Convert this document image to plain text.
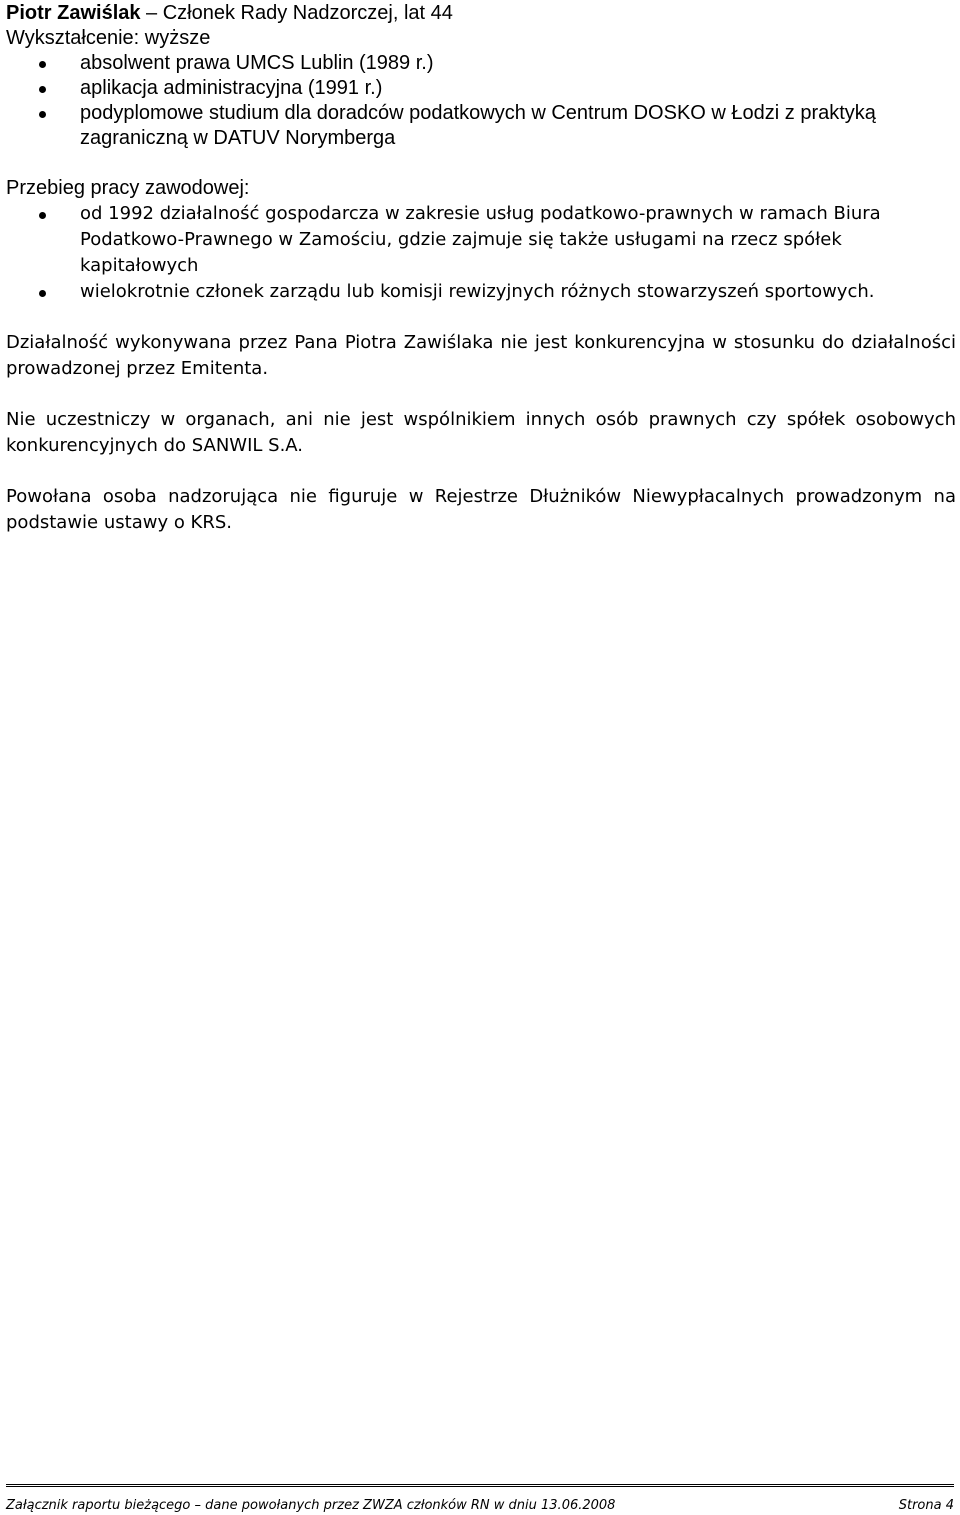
Piotr Zawiślak – Członek Rady Nadzorczej, lat 44
Wykształcenie: wyższe
absolwent prawa UMCS Lublin (1989 r.)
aplikacja administracyjna (1991 r.)
podyplomowe studium dla doradców podatkowych w Centrum DOSKO w Łodzi z praktyką zagraniczną w DATUV Norymberga
Przebieg pracy zawodowej:
od 1992 działalność gospodarcza w zakresie usług podatkowo-prawnych w ramach Biura Podatkowo-Prawnego w Zamościu, gdzie zajmuje się także usługami na rzecz spółek kapitałowych
wielokrotnie członek zarządu lub komisji rewizyjnych różnych stowarzyszeń sportowych.

Działalność wykonywana przez Pana Piotra Zawiślaka nie jest konkurencyjna w stosunku do działalności prowadzonej przez Emitenta.

Nie uczestniczy w organach, ani nie jest wspólnikiem innych osób prawnych czy spółek osobowych konkurencyjnych do SANWIL S.A.

Powołana osoba nadzorująca nie figuruje w Rejestrze Dłużników Niewypłacalnych prowadzonym na podstawie ustawy o KRS.

Załącznik raportu bieżącego – dane powołanych przez ZWZA członków RN w dniu 13.06.2008	Strona 4
